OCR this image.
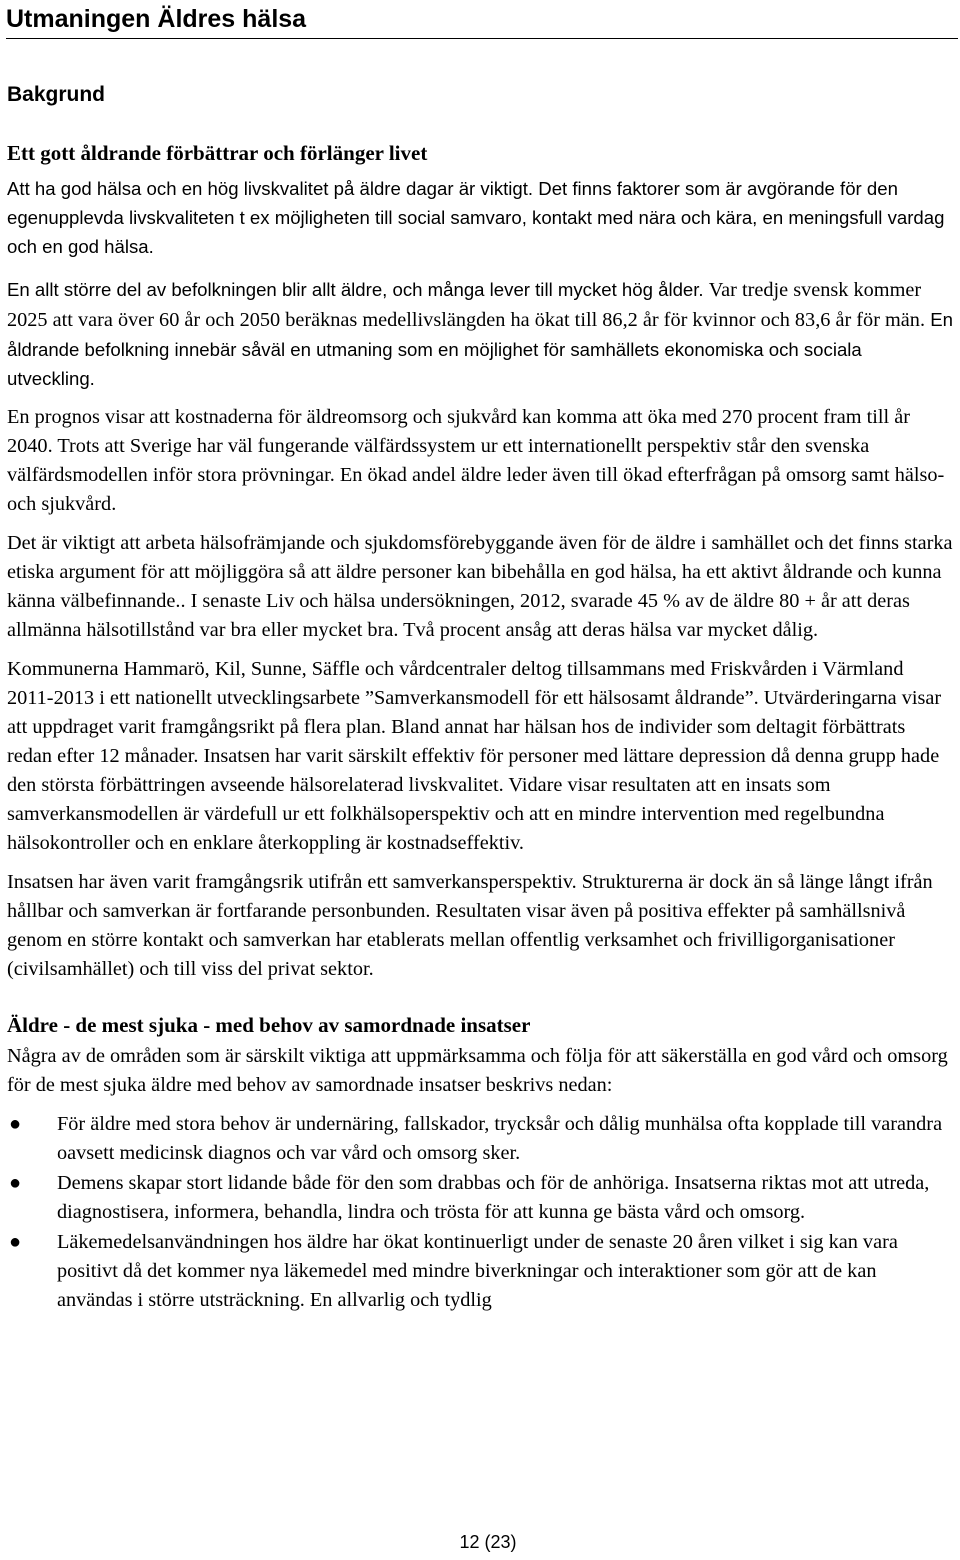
Utmaningen Äldres hälsa
Bakgrund
Ett gott åldrande förbättrar och förlänger livet

Att ha god hälsa och en hög livskvalitet på äldre dagar är viktigt. Det finns faktorer som är avgörande för den egenupplevda livskvaliteten t ex möjligheten till social samvaro, kontakt med nära och kära, en meningsfull vardag och en god hälsa.

En allt större del av befolkningen blir allt äldre, och många lever till mycket hög ålder. Var tredje svensk kommer 2025 att vara över 60 år och 2050 beräknas medellivslängden ha ökat till 86,2 år för kvinnor och 83,6 år för män. En åldrande befolkning innebär såväl en utmaning som en möjlighet för samhällets ekonomiska och sociala utveckling.

En prognos visar att kostnaderna för äldreomsorg och sjukvård kan komma att öka med 270 procent fram till år 2040. Trots att Sverige har väl fungerande välfärdssystem ur ett internationellt perspektiv står den svenska välfärdsmodellen inför stora prövningar. En ökad andel äldre leder även till ökad efterfrågan på omsorg samt hälso- och sjukvård.

Det är viktigt att arbeta hälsofrämjande och sjukdomsförebyggande även för de äldre i samhället och det finns starka etiska argument för att möjliggöra så att äldre personer kan bibehålla en god hälsa, ha ett aktivt åldrande och kunna känna välbefinnande.. I senaste Liv och hälsa undersökningen, 2012, svarade 45 % av de äldre 80 + år att deras allmänna hälsotillstånd var bra eller mycket bra. Två procent ansåg att deras hälsa var mycket dålig.

Kommunerna Hammarö, Kil, Sunne, Säffle och vårdcentraler deltog tillsammans med Friskvården i Värmland 2011-2013 i ett nationellt utvecklingsarbete ”Samverkansmodell för ett hälsosamt åldrande”. Utvärderingarna visar att uppdraget varit framgångsrikt på flera plan. Bland annat har hälsan hos de individer som deltagit förbättrats redan efter 12 månader. Insatsen har varit särskilt effektiv för personer med lättare depression då denna grupp hade den största förbättringen avseende hälsorelaterad livskvalitet. Vidare visar resultaten att en insats som samverkansmodellen är värdefull ur ett folkhälsoperspektiv och att en mindre intervention med regelbundna hälsokontroller och en enklare återkoppling är kostnadseffektiv.

Insatsen har även varit framgångsrik utifrån ett samverkansperspektiv. Strukturerna är dock än så länge långt ifrån hållbar och samverkan är fortfarande personbunden. Resultaten visar även på positiva effekter på samhällsnivå genom en större kontakt och samverkan har etablerats mellan offentlig verksamhet och frivilligorganisationer (civilsamhället) och till viss del privat sektor.

Äldre - de mest sjuka - med behov av samordnade insatser

Några av de områden som är särskilt viktiga att uppmärksamma och följa för att säkerställa en god vård och omsorg för de mest sjuka äldre med behov av samordnade insatser beskrivs nedan:

● För äldre med stora behov är undernäring, fallskador, trycksår och dålig munhälsa ofta kopplade till varandra oavsett medicinsk diagnos och var vård och omsorg sker.
● Demens skapar stort lidande både för den som drabbas och för de anhöriga. Insatserna riktas mot att utreda, diagnostisera, informera, behandla, lindra och trösta för att kunna ge bästa vård och omsorg.
● Läkemedelsanvändningen hos äldre har ökat kontinuerligt under de senaste 20 åren vilket i sig kan vara positivt då det kommer nya läkemedel med mindre biverkningar och interaktioner som gör att de kan användas i större utsträckning. En allvarlig och tydlig
12 (23)
